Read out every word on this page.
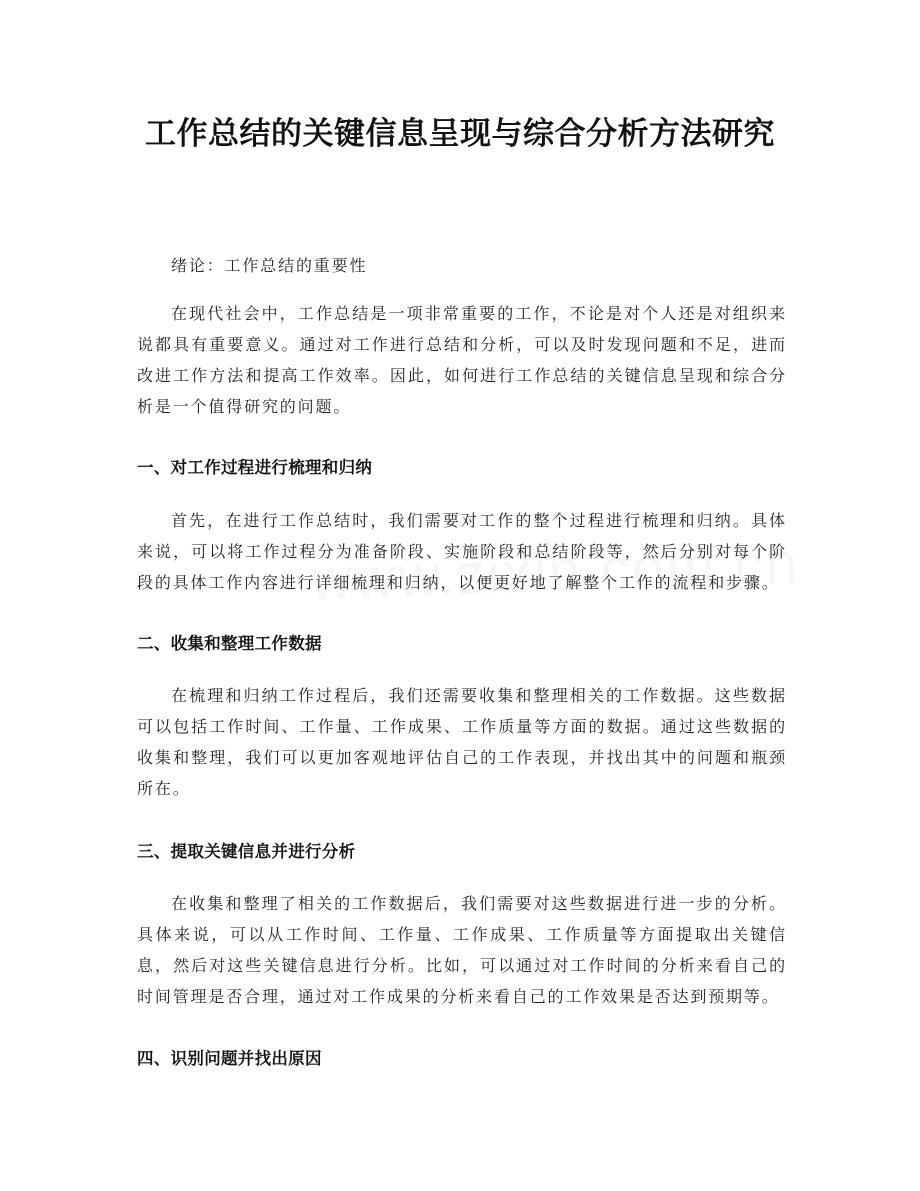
工作总结的关键信息呈现与综合分析方法研究
绪论：工作总结的重要性
在现代社会中，工作总结是一项非常重要的工作，不论是对个人还是对组织来说都具有重要意义。通过对工作进行总结和分析，可以及时发现问题和不足，进而改进工作方法和提高工作效率。因此，如何进行工作总结的关键信息呈现和综合分析是一个值得研究的问题。
一、对工作过程进行梳理和归纳
首先，在进行工作总结时，我们需要对工作的整个过程进行梳理和归纳。具体来说，可以将工作过程分为准备阶段、实施阶段和总结阶段等，然后分别对每个阶段的具体工作内容进行详细梳理和归纳，以便更好地了解整个工作的流程和步骤。
二、收集和整理工作数据
在梳理和归纳工作过程后，我们还需要收集和整理相关的工作数据。这些数据可以包括工作时间、工作量、工作成果、工作质量等方面的数据。通过这些数据的收集和整理，我们可以更加客观地评估自己的工作表现，并找出其中的问题和瓶颈所在。
三、提取关键信息并进行分析
在收集和整理了相关的工作数据后，我们需要对这些数据进行进一步的分析。具体来说，可以从工作时间、工作量、工作成果、工作质量等方面提取出关键信息，然后对这些关键信息进行分析。比如，可以通过对工作时间的分析来看自己的时间管理是否合理，通过对工作成果的分析来看自己的工作效果是否达到预期等。
四、识别问题并找出原因
